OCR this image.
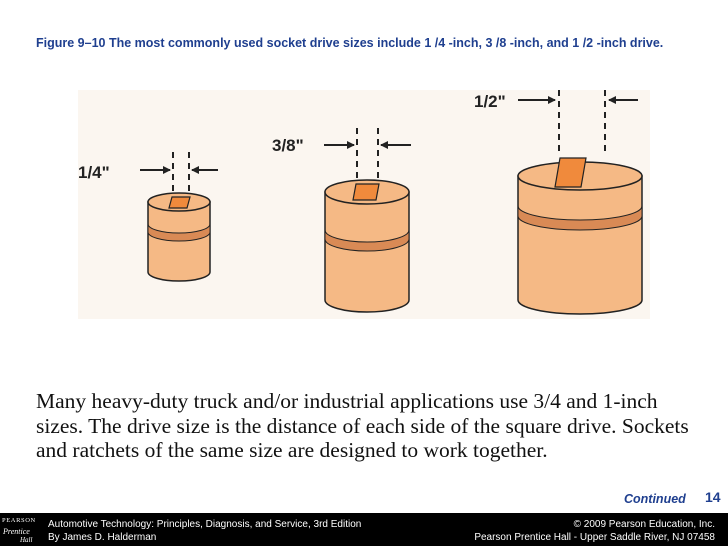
Figure 9–10 The most commonly used socket drive sizes include 1 /4 -inch, 3 /8 -inch, and 1 /2 -inch drive.

1/4"
3/8"
1/2"

Many heavy-duty truck and/or industrial applications use 3/4 and 1-inch sizes. The drive size is the distance of each side of the square drive. Sockets and ratchets of the same size are designed to work together.

Continued 14
PEARSON
Prentice
Hall
Automotive Technology: Principles, Diagnosis, and Service, 3rd Edition
By James D. Halderman
© 2009 Pearson Education, Inc.
Pearson Prentice Hall - Upper Saddle River, NJ 07458
